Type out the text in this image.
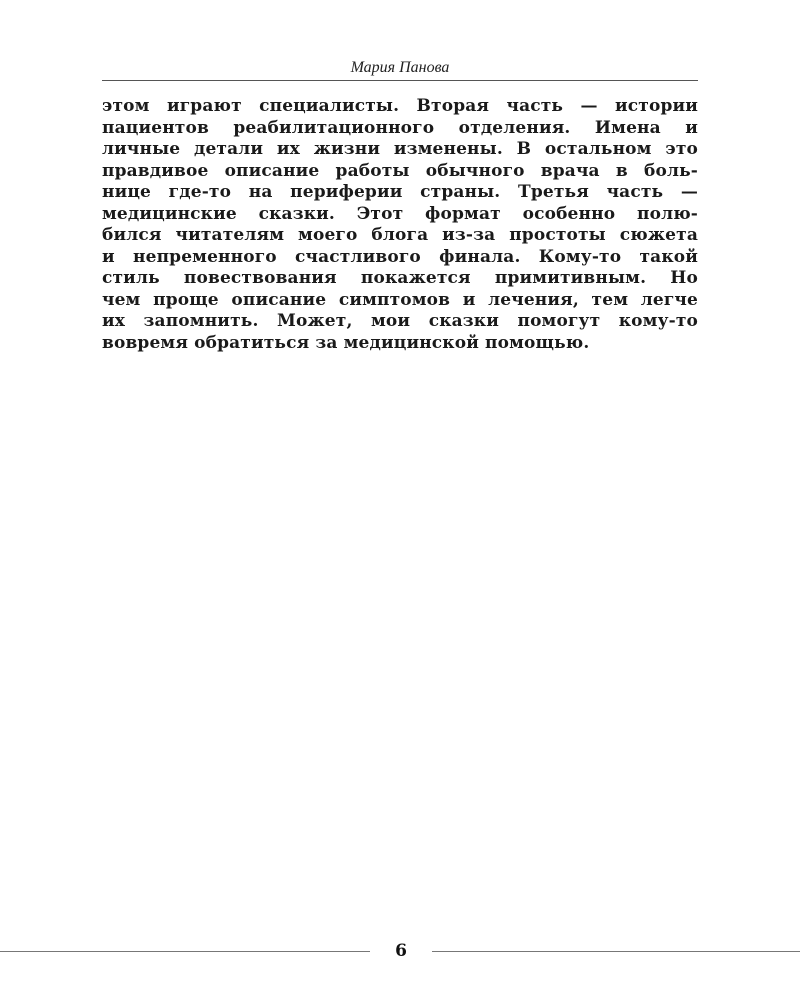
Мария Панова
этом играют специалисты. Вторая часть — истории
пациентов реабилитационного отделения. Имена и
личные детали их жизни изменены. В остальном это
правдивое описание работы обычного врача в боль-
нице где-то на периферии страны. Третья часть —
медицинские сказки. Этот формат особенно полю-
бился читателям моего блога из-за простоты сюжета
и непременного счастливого финала. Кому-то такой
стиль повествования покажется примитивным. Но
чем проще описание симптомов и лечения, тем легче
их запомнить. Может, мои сказки помогут кому-то
вовремя обратиться за медицинской помощью.
6
